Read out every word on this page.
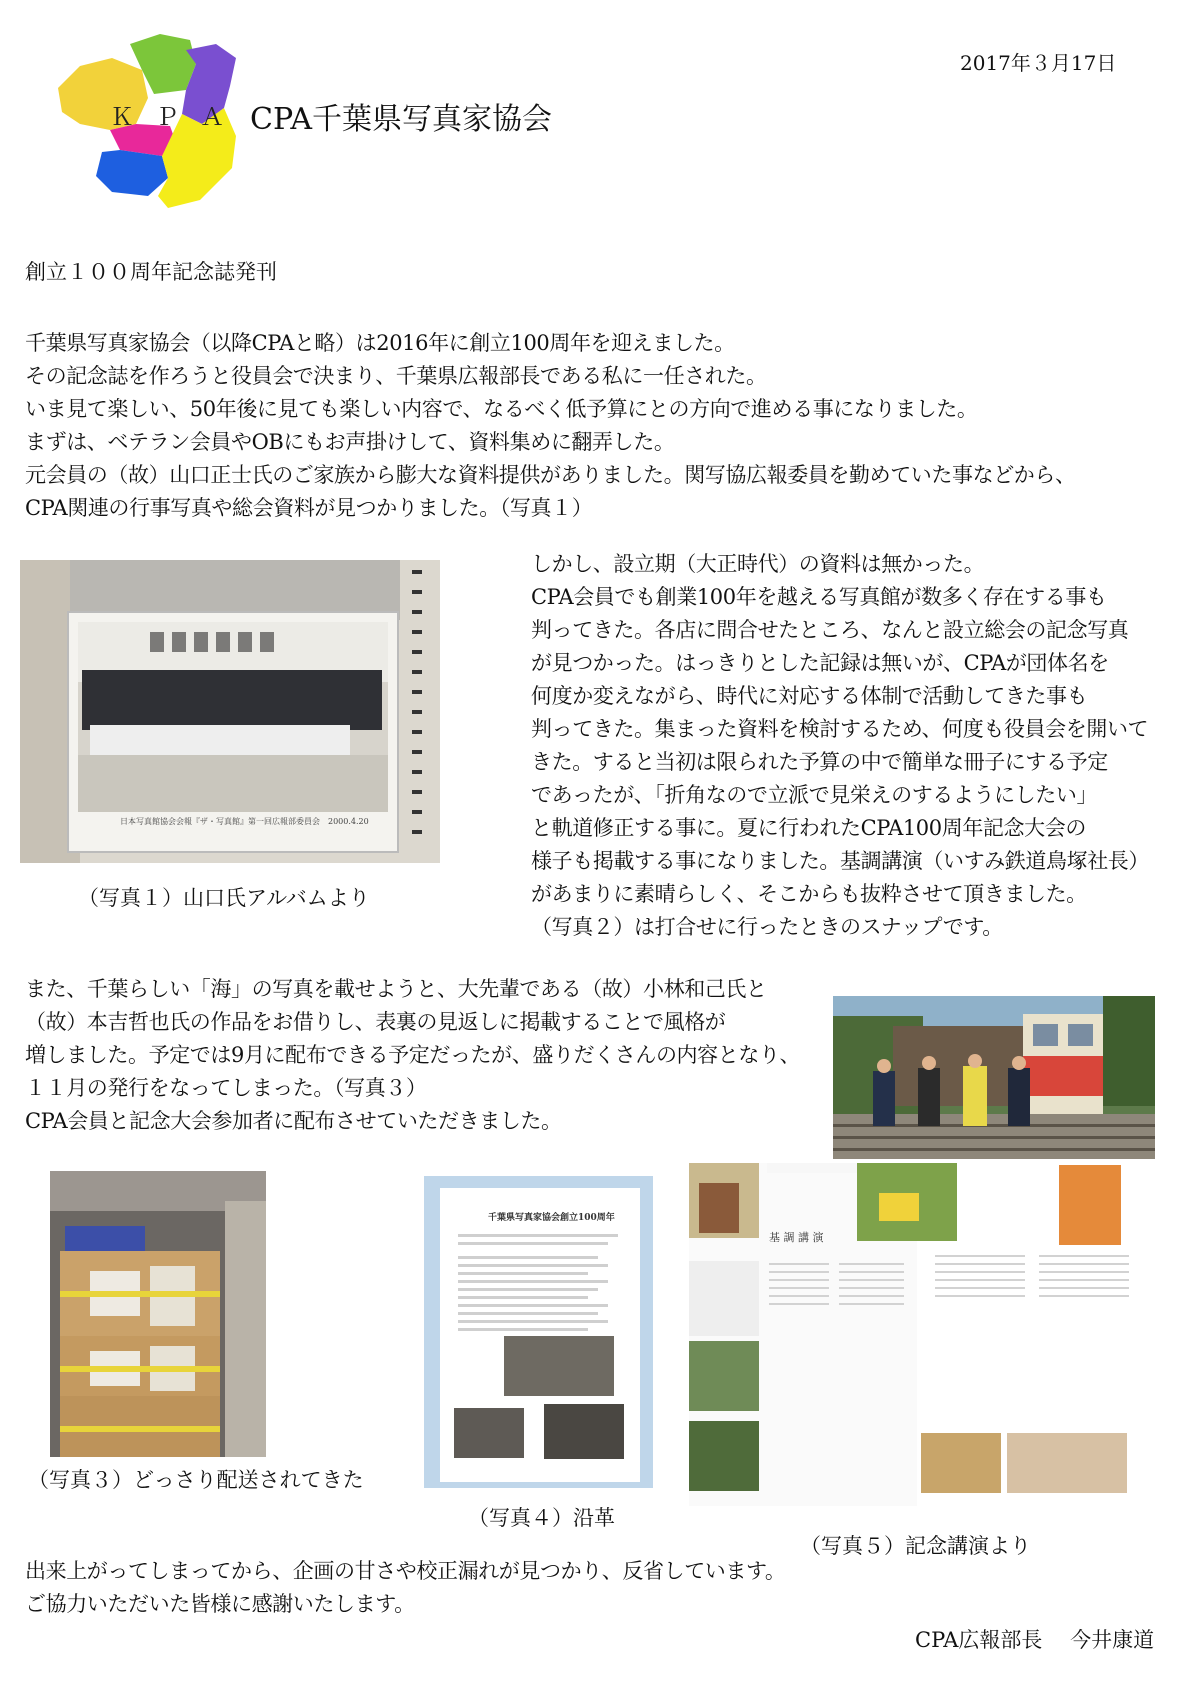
ＫＰＡ CPA千葉県写真家協会
2017年３月17日
創立１００周年記念誌発刊
千葉県写真家協会（以降CPAと略）は2016年に創立100周年を迎えました。
その記念誌を作ろうと役員会で決まり、千葉県広報部長である私に一任された。
いま見て楽しい、50年後に見ても楽しい内容で、なるべく低予算にとの方向で進める事になりました。
まずは、ベテラン会員やOBにもお声掛けして、資料集めに翻弄した。
元会員の（故）山口正士氏のご家族から膨大な資料提供がありました。関写協広報委員を勤めていた事などから、
CPA関連の行事写真や総会資料が見つかりました。（写真１）
日本写真館協会会報『ザ・写真館』第一回広報部委員会　2000.4.20
（写真１）山口氏アルバムより
しかし、設立期（大正時代）の資料は無かった。
CPA会員でも創業100年を越える写真館が数多く存在する事も
判ってきた。各店に問合せたところ、なんと設立総会の記念写真
が見つかった。はっきりとした記録は無いが、CPAが団体名を
何度か変えながら、時代に対応する体制で活動してきた事も
判ってきた。集まった資料を検討するため、何度も役員会を開いて
きた。すると当初は限られた予算の中で簡単な冊子にする予定
であったが、「折角なので立派で見栄えのするようにしたい」
と軌道修正する事に。夏に行われたCPA100周年記念大会の
様子も掲載する事になりました。基調講演（いすみ鉄道鳥塚社長）
があまりに素晴らしく、そこからも抜粋させて頂きました。
（写真２）は打合せに行ったときのスナップです。
また、千葉らしい「海」の写真を載せようと、大先輩である（故）小林和己氏と
（故）本吉哲也氏の作品をお借りし、表裏の見返しに掲載することで風格が
増しました。予定では9月に配布できる予定だったが、盛りだくさんの内容となり、
１１月の発行をなってしまった。（写真３）
CPA会員と記念大会参加者に配布させていただきました。
（写真３）どっさり配送されてきた
千葉県写真家協会創立100周年
（写真４）沿革
基 調 講 演
（写真５）記念講演より
出来上がってしまってから、企画の甘さや校正漏れが見つかり、反省しています。
ご協力いただいた皆様に感謝いたします。
CPA広報部長　 今井康道
